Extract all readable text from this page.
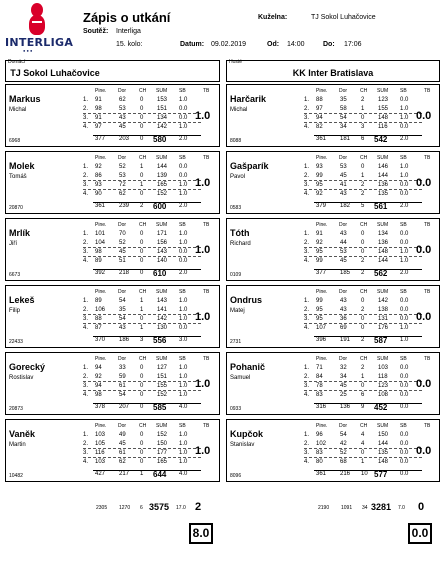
INTERLIGA
● ● ●
Zápis o utkání
Soutěž: Interliga
15. kolo:	Datum: 09.02.2019	Od: 14:00	Do: 17:06
Kuželna:	TJ Sokol Luhačovice
Domácí
TJ Sokol Luhačovice
Hosté
KK Inter Bratislava
Markus
Michal
6968
Pine. Dor	CH SUM SB	TB
1. 91	62 0 153 1.0
2. 98	53 0 151 0.0
3. 91	43 0 134 0.0
4. 97	45 0 142 1.0
377 203 0 580 2.0
1.0
Harčarik
Michal
8088
Pine. Dor	CH SUM SB	TB
1. 88	35 2 123 0.0
2. 97	58 1 155 1.0
3. 94	54 0 148 1.0
4. 82	34 3 116 0.0
361 181 6 542 2.0
0.0
Molek
Tomáš
20870
Pine. Dor	CH SUM SB	TB
1. 92	52 1 144 0.0
2. 86	53 0 139 0.0
3. 93	72 1 165 1.0
4. 90	62 0 152 1.0
361 239 2 600 2.0
1.0
Gašparík
Pavol
0583
Pine. Dor	CH SUM SB	TB
1. 93	53 0 146 1.0
2. 99	45 1 144 1.0
3. 95	41 2 136 0.0
4. 92	43 2 135 0.0
379 182 5 561 2.0
0.0
Mrlík
Jiří
6673
Pine. Dor	CH SUM SB	TB
1. 101 70 0 171 1.0
2. 104 52 0 156 1.0
3. 98	45 0 143 0.0
4. 89	51 0 140 0.0
392 218 0 610 2.0
1.0
Tóth
Richard
0109
Pine. Dor	CH SUM SB	TB
1. 91	43 0 134 0.0
2. 92	44 0 136 0.0
3. 95	53 0 148 1.0
4. 99	45 2 144 1.0
377 185 2 562 2.0
0.0
Lekeš
Filip
22433
Pine. Dor	CH SUM SB	TB
1. 89	54 1 143 1.0
2. 106 35 1 141 1.0
3. 88	54 0 142 1.0
4. 87	43 1 130 0.0
370 186 3 556 3.0
1.0
Ondrus
Matej
2731
Pine. Dor	CH SUM SB	TB
1. 99	43 0 142 0.0
2. 95	43 2 138 0.0
3. 95	36 0 131 0.0
4. 107 69 0 176 1.0
396 191 2 587 1.0
0.0
Gorecký
Rostislav
20873
Pine. Dor	CH SUM SB	TB
1. 94	33 0 127 1.0
2. 92	59 0 151 1.0
3. 94	61 0 155 1.0
4. 98	54 0 152 1.0
378 207 0 585 4.0
1.0
Pohanič
Samuel
0933
Pine. Dor	CH SUM SB	TB
1. 71	32 2 103 0.0
2. 84	34 1 118 0.0
3. 78	45 0 123 0.0
4. 83	25 6 108 0.0
316 136 9 452 0.0
0.0
Vaněk
Martin
10482
Pine. Dor	CH SUM SB	TB
1. 103 49 0 152 1.0
2. 105 45 0 150 1.0
3. 116 61 0 177 1.0
4. 103 62 0 165 1.0
427 217 1 644 4.0
1.0
Kupčok
Stanislav
8096
Pine. Dor	CH SUM SB	TB
1. 96	54 4 150 0.0
2. 102 42 4 144 0.0
3. 83	52 0 135 0.0
4. 80	68 1 148 0.0
361 216 10 577 0.0
0.0
2305 1270 6 3575 17.0 2	2190 1091 34 3281 7.0 0
8.0	0.0
